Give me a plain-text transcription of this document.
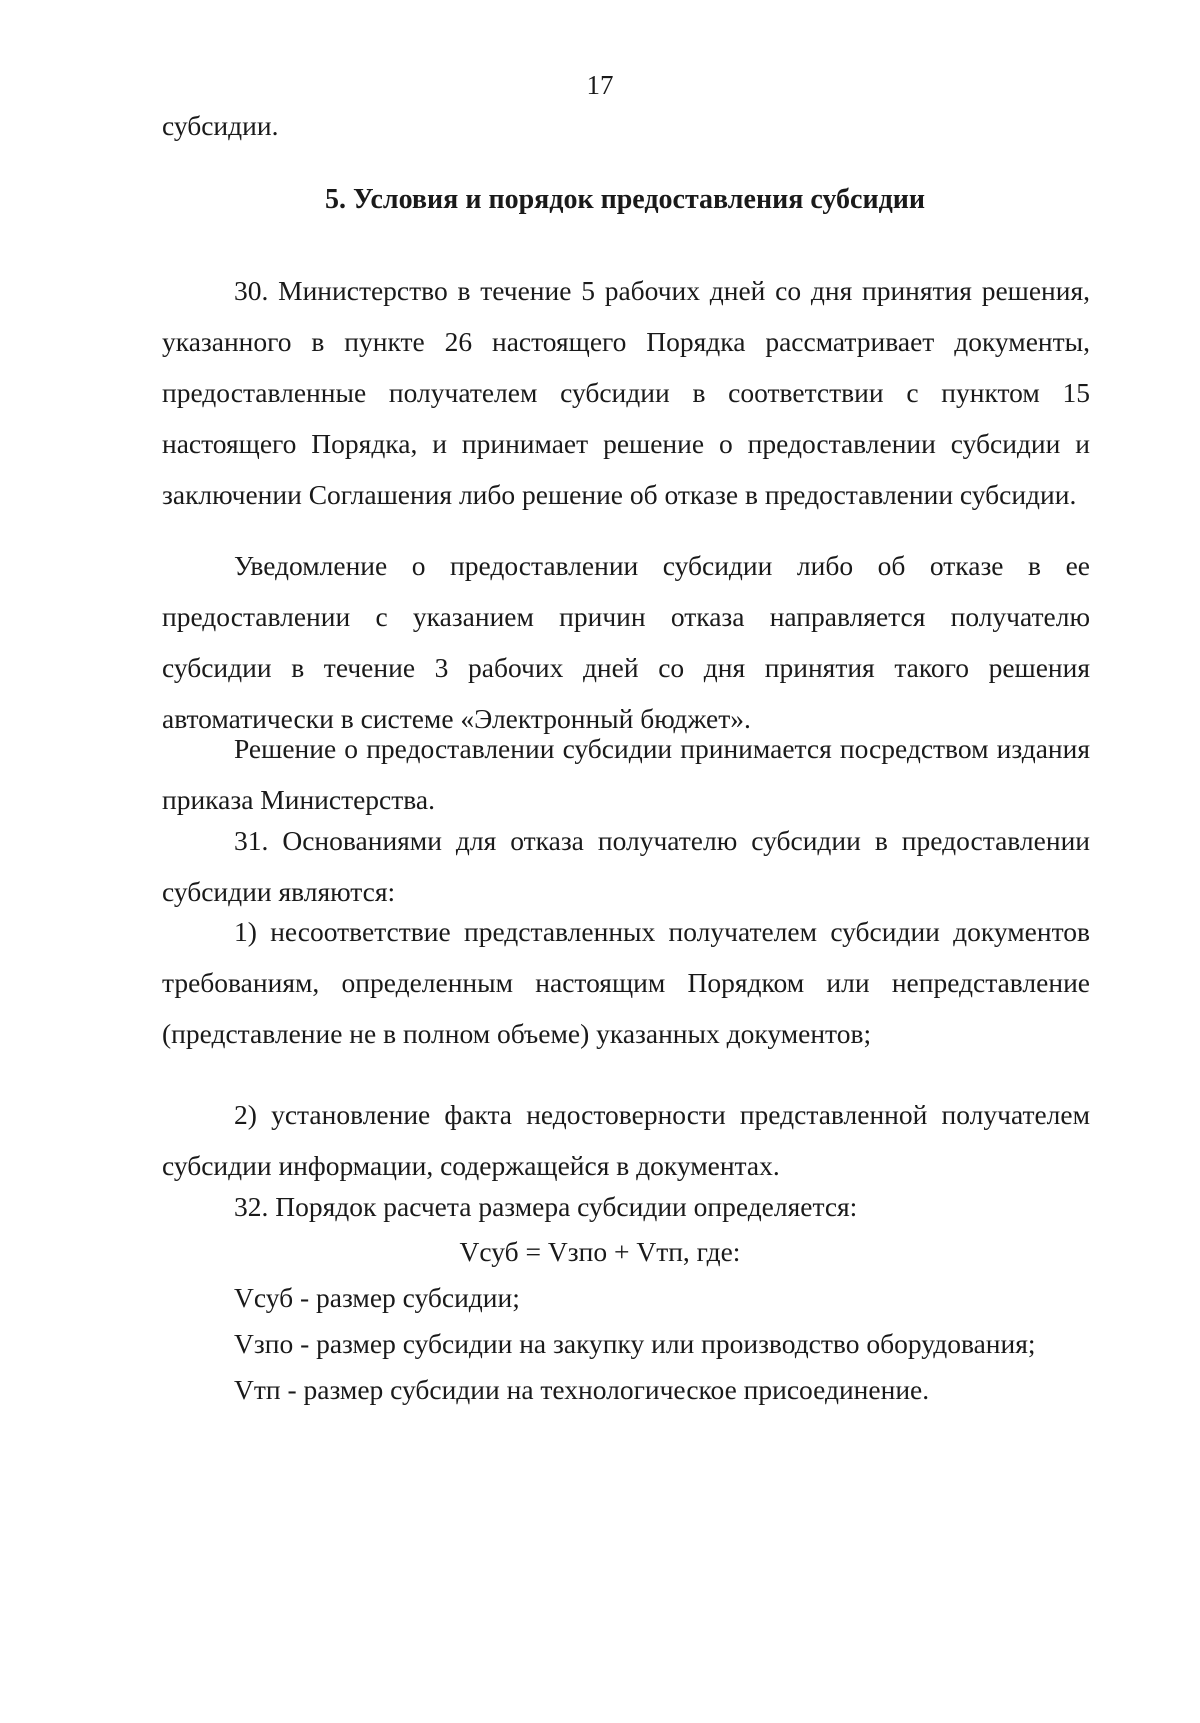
17

субсидии.

5. Условия и порядок предоставления субсидии

30. Министерство в течение 5 рабочих дней со дня принятия решения, указанного в пункте 26 настоящего Порядка рассматривает документы, предоставленные получателем субсидии в соответствии с пунктом 15 настоящего Порядка, и принимает решение о предоставлении субсидии и заключении Соглашения либо решение об отказе в предоставлении субсидии.

Уведомление о предоставлении субсидии либо об отказе в ее предоставлении с указанием причин отказа направляется получателю субсидии в течение 3 рабочих дней со дня принятия такого решения автоматически в системе «Электронный бюджет».

Решение о предоставлении субсидии принимается посредством издания приказа Министерства.

31. Основаниями для отказа получателю субсидии в предоставлении субсидии являются:

1) несоответствие представленных получателем субсидии документов требованиям, определенным настоящим Порядком или непредставление (представление не в полном объеме) указанных документов;

2) установление факта недостоверности представленной получателем субсидии информации, содержащейся в документах.

32. Порядок расчета размера субсидии определяется:

Vсуб = Vзпо + Vтп, где:

Vсуб - размер субсидии;

Vзпо - размер субсидии на закупку или производство оборудования;

Vтп - размер субсидии на технологическое присоединение.
